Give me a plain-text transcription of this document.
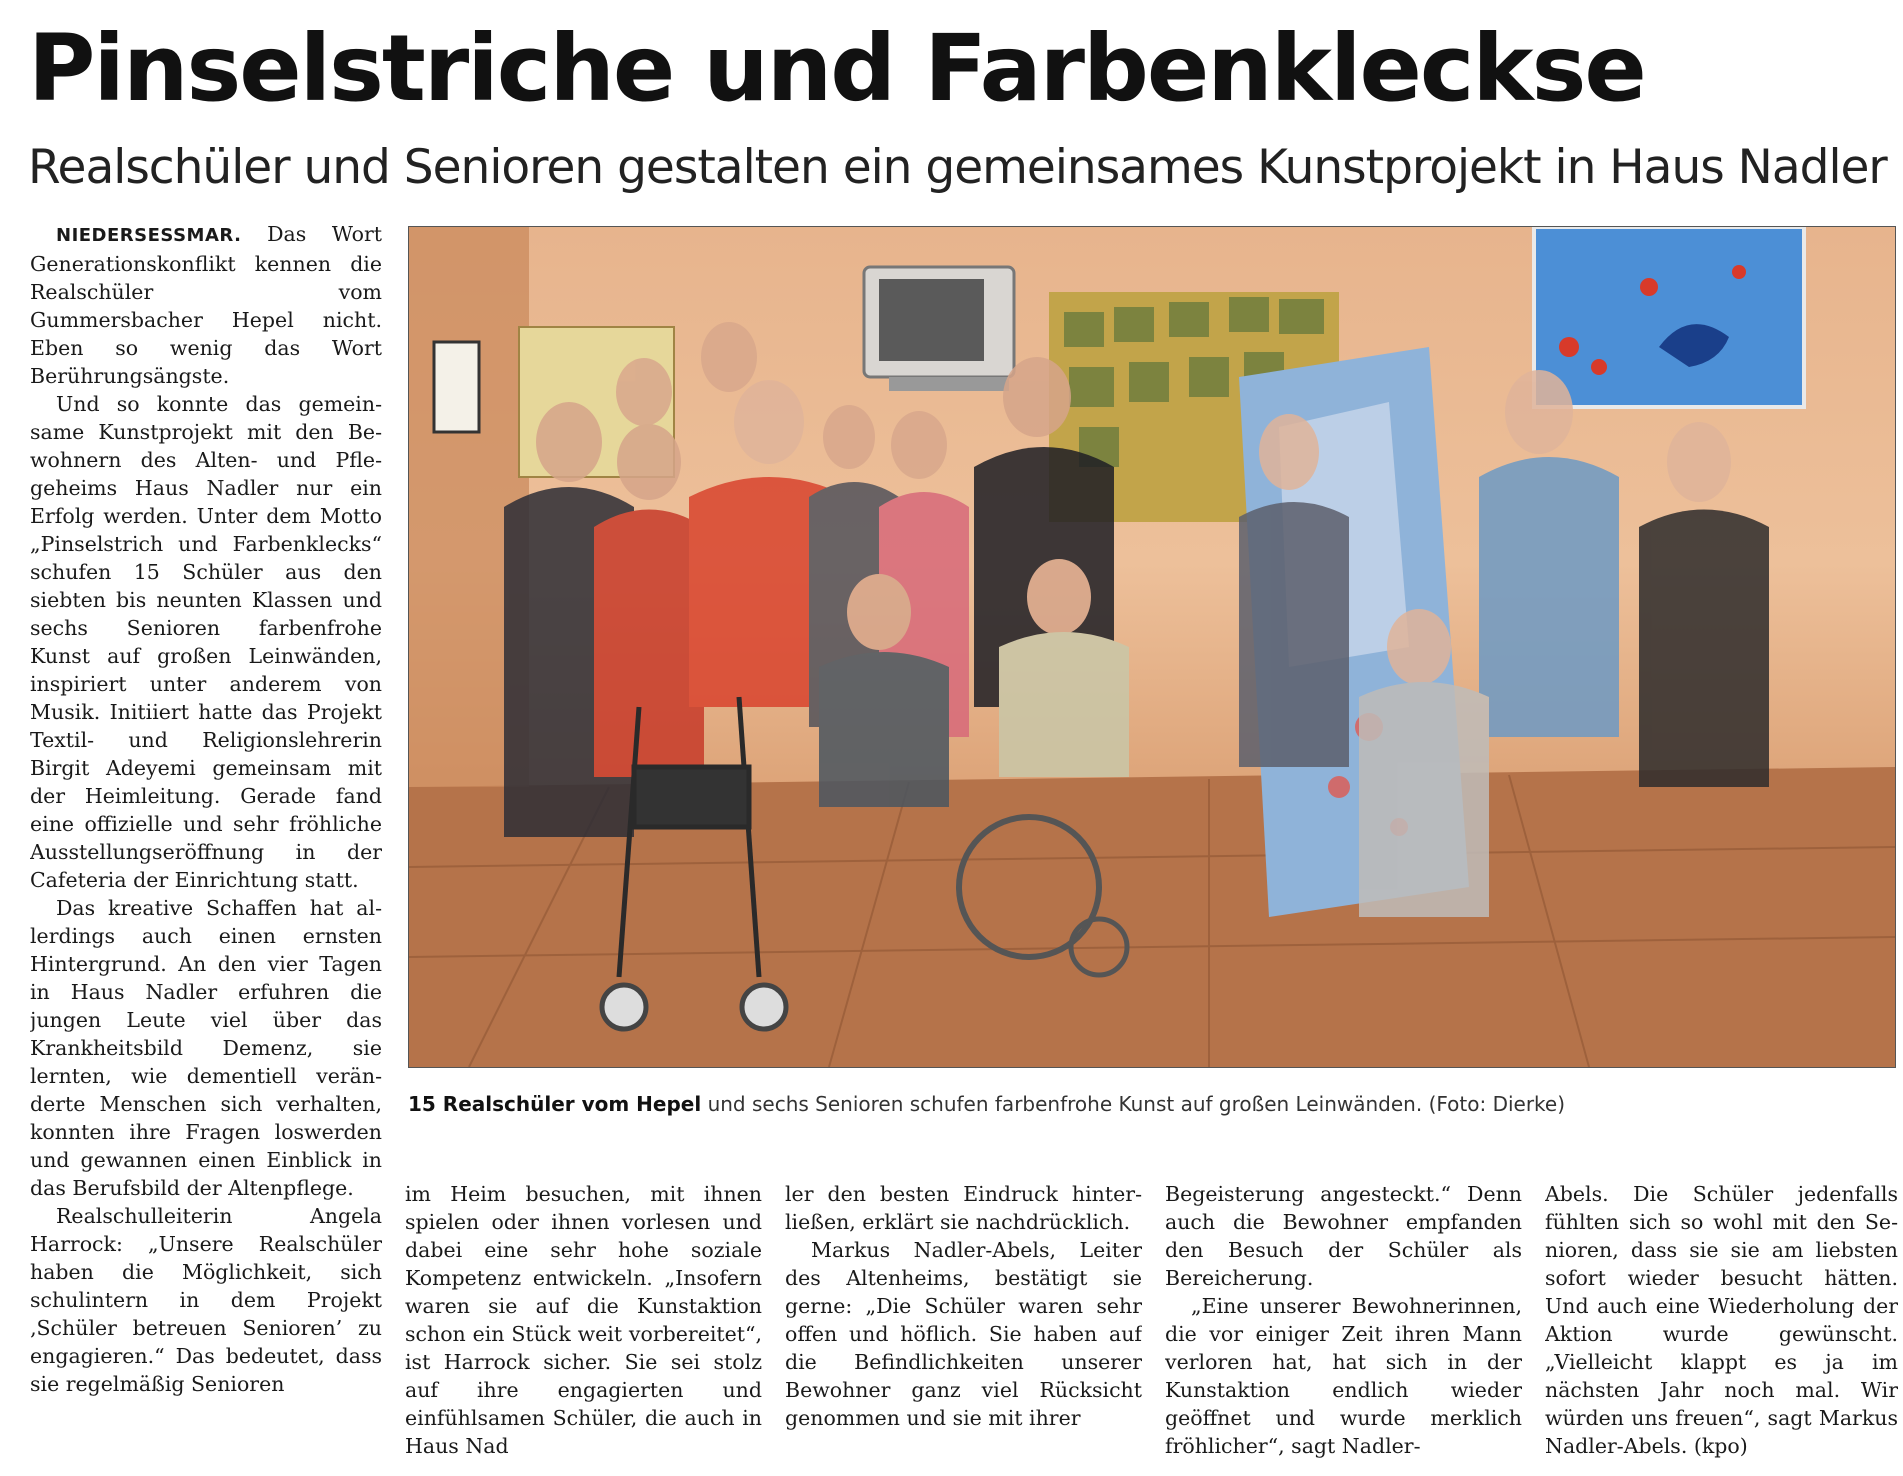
Pinselstriche und Farbenkleckse
Realschüler und Senioren gestalten ein gemeinsames Kunstprojekt in Haus Nadler

NIEDERSESSMAR. Das Wort Generationskonflikt kennen die Realschüler vom Gummersbacher Hepel nicht. Eben so wenig das Wort Berührungsängste.

Und so konnte das gemeinsame Kunstprojekt mit den Bewohnern des Alten- und Pflegeheims Haus Nadler nur ein Erfolg werden. Unter dem Motto „Pinselstrich und Farbenklecks“ schufen 15 Schüler aus den siebten bis neunten Klassen und sechs Senioren farbenfrohe Kunst auf großen Leinwänden, inspiriert unter anderem von Musik. Initiiert hatte das Projekt Textil- und Religionslehrerin Birgit Adeyemi gemeinsam mit der Heimleitung. Gerade fand eine offizielle und sehr fröhliche Ausstellungseröffnung in der Cafeteria der Einrichtung statt.

Das kreative Schaffen hat allerdings auch einen ernsten Hintergrund. An den vier Tagen in Haus Nadler erfuhren die jungen Leute viel über das Krankheitsbild Demenz, sie lernten, wie dementiell veränderte Menschen sich verhalten, konnten ihre Fragen loswerden und gewannen einen Einblick in das Berufsbild der Altenpflege.

Realschulleiterin Angela Harrock: „Unsere Realschüler haben die Möglichkeit, sich schulintern in dem Projekt ‚Schüler betreuen Senioren’ zu engagieren.“ Das bedeutet, dass sie regelmäßig Senioren

15 Realschüler vom Hepel und sechs Senioren schufen farbenfrohe Kunst auf großen Leinwänden. (Foto: Dierke)

im Heim besuchen, mit ihnen spielen oder ihnen vorlesen und dabei eine sehr hohe soziale Kompetenz entwickeln. „Insofern waren sie auf die Kunstaktion schon ein Stück weit vorbereitet“, ist Harrock sicher. Sie sei stolz auf ihre engagierten und einfühlsamen Schüler, die auch in Haus Nad

ler den besten Eindruck hinterließen, erklärt sie nachdrücklich.

Markus Nadler-Abels, Leiter des Altenheims, bestätigt sie gerne: „Die Schüler waren sehr offen und höflich. Sie haben auf die Befindlichkeiten unserer Bewohner ganz viel Rücksicht genommen und sie mit ihrer

Begeisterung angesteckt.“ Denn auch die Bewohner empfanden den Besuch der Schüler als Bereicherung.

„Eine unserer Bewohnerinnen, die vor einiger Zeit ihren Mann verloren hat, hat sich in der Kunstaktion endlich wieder geöffnet und wurde merklich fröhlicher“, sagt Nadler-

Abels. Die Schüler jedenfalls fühlten sich so wohl mit den Senioren, dass sie sie am liebsten sofort wieder besucht hätten. Und auch eine Wiederholung der Aktion wurde gewünscht. „Vielleicht klappt es ja im nächsten Jahr noch mal. Wir würden uns freuen“, sagt Markus Nadler-Abels. (kpo)
